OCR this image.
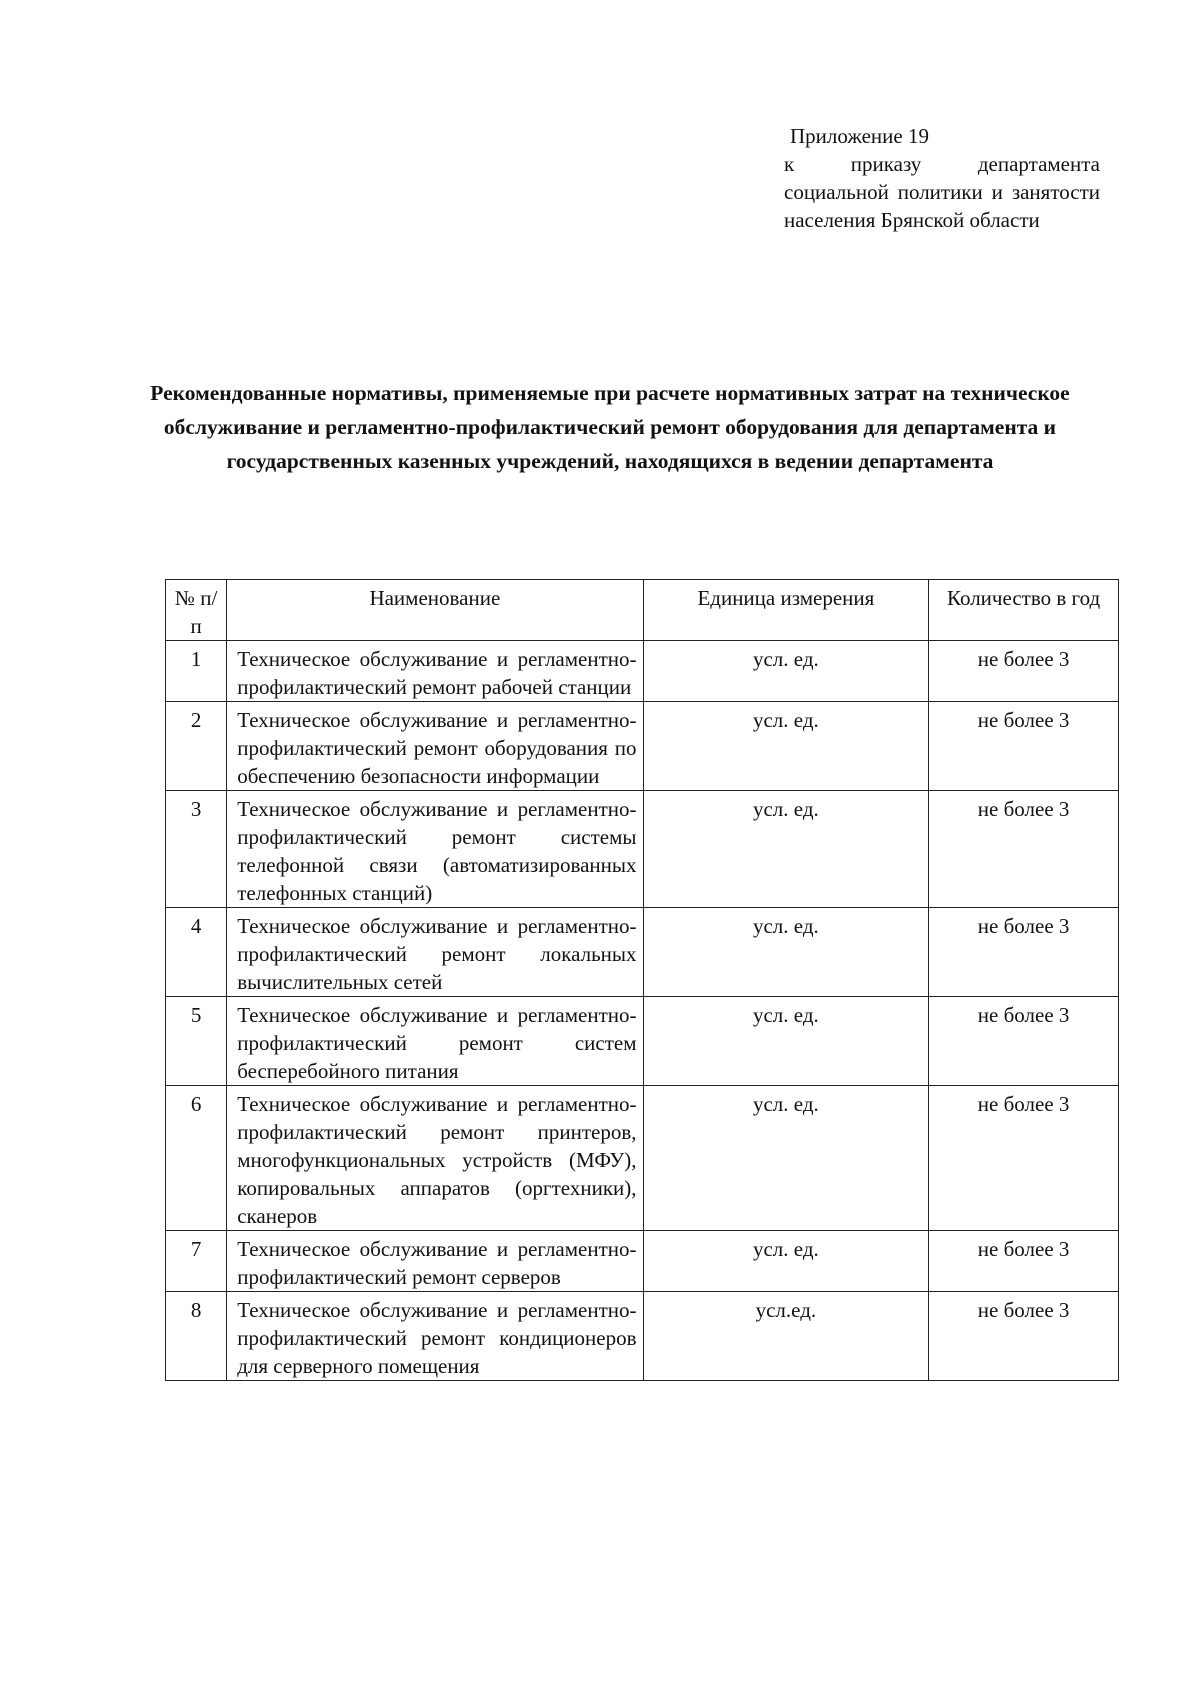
Приложение 19
к приказу департамента социальной политики и занятости населения Брянской области
Рекомендованные нормативы, применяемые при расчете нормативных затрат на техническое обслуживание и регламентно-профилактический ремонт оборудования для департамента и государственных казенных учреждений, находящихся в ведении департамента
№ п/п	Наименование	Единица измерения	Количество в год
1	Техническое обслуживание и регламентно-профилактический ремонт рабочей станции	усл. ед.	не более 3
2	Техническое обслуживание и регламентно-профилактический ремонт оборудования по обеспечению безопасности информации	усл. ед.	не более 3
3	Техническое обслуживание и регламентно-профилактический ремонт системы телефонной связи (автоматизированных телефонных станций)	усл. ед.	не более 3
4	Техническое обслуживание и регламентно-профилактический ремонт локальных вычислительных сетей	усл. ед.	не более 3
5	Техническое обслуживание и регламентно-профилактический ремонт систем бесперебойного питания	усл. ед.	не более 3
6	Техническое обслуживание и регламентно-профилактический ремонт принтеров, многофункциональных устройств (МФУ), копировальных аппаратов (оргтехники), сканеров	усл. ед.	не более 3
7	Техническое обслуживание и регламентно-профилактический ремонт серверов	усл. ед.	не более 3
8	Техническое обслуживание и регламентно-профилактический ремонт кондиционеров для серверного помещения	усл.ед.	не более 3
